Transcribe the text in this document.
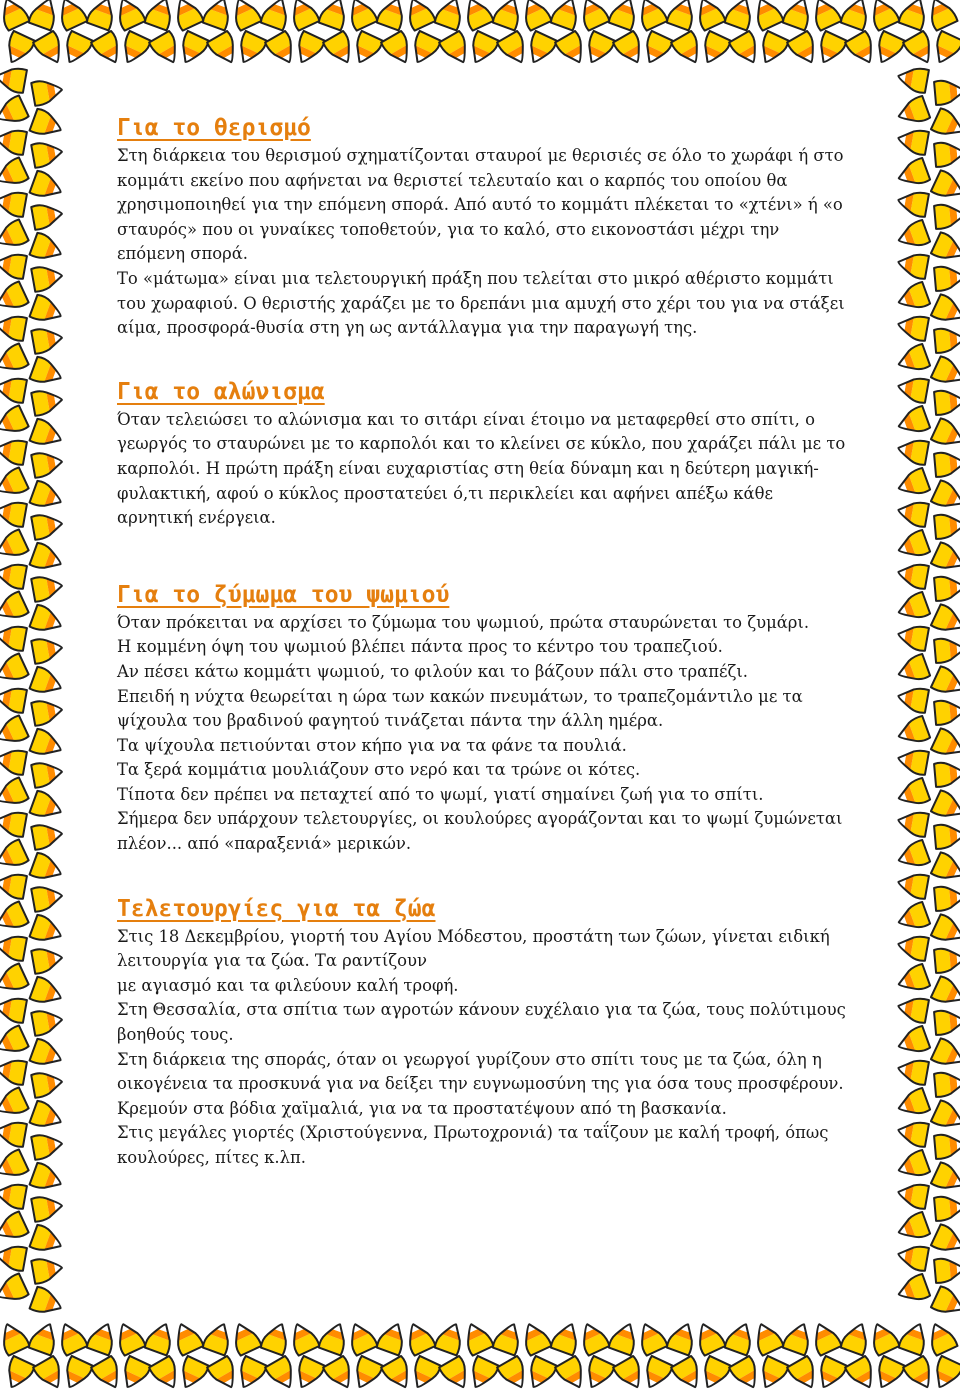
Για το θερισμό

Στη διάρκεια του θερισμού σχηματίζονται σταυροί με θερισιές σε όλο το χωράφι ή στο κομμάτι εκείνο που αφήνεται να θεριστεί τελευταίο και ο καρπός του οποίου θα χρησιμοποιηθεί για την επόμενη σπορά. Από αυτό το κομμάτι πλέκεται το «χτένι» ή «ο σταυρός» που οι γυναίκες τοποθετούν, για το καλό, στο εικονοστάσι μέχρι την επόμενη σπορά.

Το «μάτωμα» είναι μια τελετουργική πράξη που τελείται στο μικρό αθέριστο κομμάτι του χωραφιού. Ο θεριστής χαράζει με το δρεπάνι μια αμυχή στο χέρι του για να στάξει αίμα, προσφορά-θυσία στη γη ως αντάλλαγμα για την παραγωγή της.

Για το αλώνισμα

Όταν τελειώσει το αλώνισμα και το σιτάρι είναι έτοιμο να μεταφερθεί στο σπίτι, ο γεωργός το σταυρώνει με το καρπολόι και το κλείνει σε κύκλο, που χαράζει πάλι με το καρπολόι. Η πρώτη πράξη είναι ευχαριστίας στη θεία δύναμη και η δεύτερη μαγική-φυλακτική, αφού ο κύκλος προστατεύει ό,τι περικλείει και αφήνει απέξω κάθε αρνητική ενέργεια.

Για το ζύμωμα του ψωμιού

Όταν πρόκειται να αρχίσει το ζύμωμα του ψωμιού, πρώτα σταυρώνεται το ζυμάρι.

Η κομμένη όψη του ψωμιού βλέπει πάντα προς το κέντρο του τραπεζιού.

Αν πέσει κάτω κομμάτι ψωμιού, το φιλούν και το βάζουν πάλι στο τραπέζι.

Επειδή η νύχτα θεωρείται η ώρα των κακών πνευμάτων, το τραπεζομάντιλο με τα ψίχουλα του βραδινού φαγητού τινάζεται πάντα την άλλη ημέρα.

Τα ψίχουλα πετιούνται στον κήπο για να τα φάνε τα πουλιά.

Τα ξερά κομμάτια μουλιάζουν στο νερό και τα τρώνε οι κότες.

Τίποτα δεν πρέπει να πεταχτεί από το ψωμί, γιατί σημαίνει ζωή για το σπίτι.

Σήμερα δεν υπάρχουν τελετουργίες, οι κουλούρες αγοράζονται και το ψωμί ζυμώνεται πλέον... από «παραξενιά» μερικών.

Τελετουργίες για τα ζώα

Στις 18 Δεκεμβρίου, γιορτή του Αγίου Μόδεστου, προστάτη των ζώων, γίνεται ειδική λειτουργία για τα ζώα. Τα ραντίζουν

με αγιασμό και τα φιλεύουν καλή τροφή.

Στη Θεσσαλία, στα σπίτια των αγροτών κάνουν ευχέλαιο για τα ζώα, τους πολύτιμους βοηθούς τους.

Στη διάρκεια της σποράς, όταν οι γεωργοί γυρίζουν στο σπίτι τους με τα ζώα, όλη η οικογένεια τα προσκυνά για να δείξει την ευγνωμοσύνη της για όσα τους προσφέρουν.

Κρεμούν στα βόδια χαϊμαλιά, για να τα προστατέψουν από τη βασκανία.

Στις μεγάλες γιορτές (Χριστούγεννα, Πρωτοχρονιά) τα ταΐζουν με καλή τροφή, όπως κουλούρες, πίτες κ.λπ.
